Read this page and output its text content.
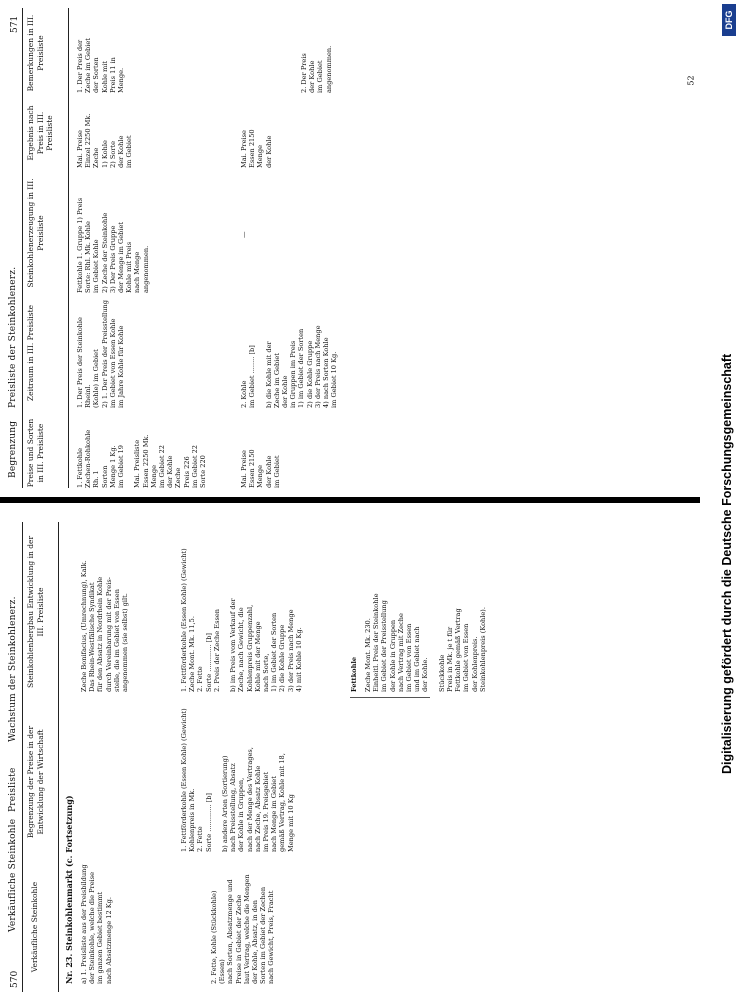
570
Verkäufliche Steinkohle
Preisliste
Wachstum der Steinkohlenerz.
Verkäufliche Steinkohle
Begrenzung der Preise in der Entwicklung der Wirtschaft
Steinkohlenbergbau Entwicklung in der III. Preisliste
Nr. 23. Steinkohlenmarkt (c. Fortsetzung) a) 1. Preisliste aus der Preisbildung
der Steinkohle, welche die Preise
im ganzen Gebiet bestimmt
nach Absatzmenge 12 Kg.
Zeche Bonifacius, (Umrechnung), Kalk.
Das Rhein-Westfälische Syndikat
für den Absatz in Nordrhein Kohle
durch Vereinbarung mit der Preis-
stelle, die im Gebiet von Essen
angenommen (sie selbst) gilt.
2. Fette, Kohle (Stückkohle) (Essen)
nach Sorten, Absatzmenge und
Preise in Gebiet der Zeche
laut Vertrag, welche die Mengen
der Kohle, Absatz, in den
Sorten im Gebiet der Zechen
nach Gewicht, Preis, Fracht
1. Fettförderkohle (Essen Kohle) (Gewicht)
Kohlenpreis in Mk.
2. Fette
Sorte ............. [b]

b) andere Arten (Sortierung)
nach Preisstellung, Absatz
der Kohle in Gruppen,
nach der Menge des Vertrages,
nach Zeche, Absatz Kohle
im Preis 19. Preisgebiet
nach Menge im Gebiet
gemäß Vertrag, Kohle mit 18,
Menge mit 10 Kg
1. Fettförderkohle (Essen Kohle) (Gewicht)
Zeche Mont. Mk. 11,5.
2. Fette
Sorte ............. [b]
2. Preis der Zeche Essen

b) im Preis vom Verkauf der
Zeche, nach Gewicht, die
Kohlenpreis Gruppenzahl,
Kohle mit der Menge
nach Sorte,
1) im Gebiet der Sorten
2) die Kohle Gruppe
3) der Preis nach Menge
4) mit Kohle 10 Kg.
Fettkohle Zeche Mont. Mk. 230.
Einheitl. Preis der Steinkohle
im Gebiet der Preisstellung
der Kohle in Gruppen
nach Vertrag mit Zeche
im Gebiet von Essen
und im Gebiet nach
der Kohle.

Stückkohle
Preis in Mk. je t für
Fettkohle gemäß Vertrag
im Gebiet von Essen
der Kohlenpreis.
Steinkohlenpreis (Kohle).
Begrenzung
Preisliste der Steinkohlenerz.
571
Preise und Sorten in III. Preisliste
Zeitraum in III. Preisliste
Steinkohlenerzeugung in III. Preisliste
Ergebnis nach Preis in III. Preisliste
Bemerkungen in III. Preisliste
1. Fettkohle
Zechen-Rohkohle
Rh. 1
Sorten
Menge 1 Kg.
im Gebiet 19

Mai. Preisliste
Essen 2250 Mk.
Menge
im Gebiet 22
der Kohle
Zeche
Preis 226
im Gebiet 22
Sorte 220
1. Der Preis der Steinkohle Rheinl.
(Kohle) im Gebiet
2) 1. Der Preis der Preisstellung
im Gebiet von Essen Kohle
im Jahre Kohle für Kohle
Fettkohle 1. Gruppe 1) Preis
Sorte: Rhl. Mk. Kohle
im Gebiet Kohle
2) Zeche der Steinkohle
3) Der Preis Gruppe
der Menge im Gebiet
Kohle mit Preis
nach Menge
angenommen.
Mai. Preise
Einzel 2250 Mk.
Zeche
1) Kohle
2) Sorte
der Kohle
im Gebiet
1. Der Preis der
Zeche im Gebiet
der Sorten
Kohle mit
Preis 11 in
Menge.
Mai. Preise
Essen 2150
Menge
der Kohle
im Gebiet
2. Kohle
im Gebiet ........ [b]

b) die Kohle mit der
Zeche im Gebiet
der Kohle
in Gruppen im Preis
1) im Gebiet der Sorten
2) die Kohle Gruppe
3) der Preis nach Menge
4) nach Sorten Kohle
im Gebiet 10 Kg.
—
Mai. Preise
Essen 2150
Menge
der Kohle
2. Der Preis
der Kohle
im Gebiet
angenommen.	52
Digitalisierung gefördert durch die Deutsche Forschungsgemeinschaft
DFG
